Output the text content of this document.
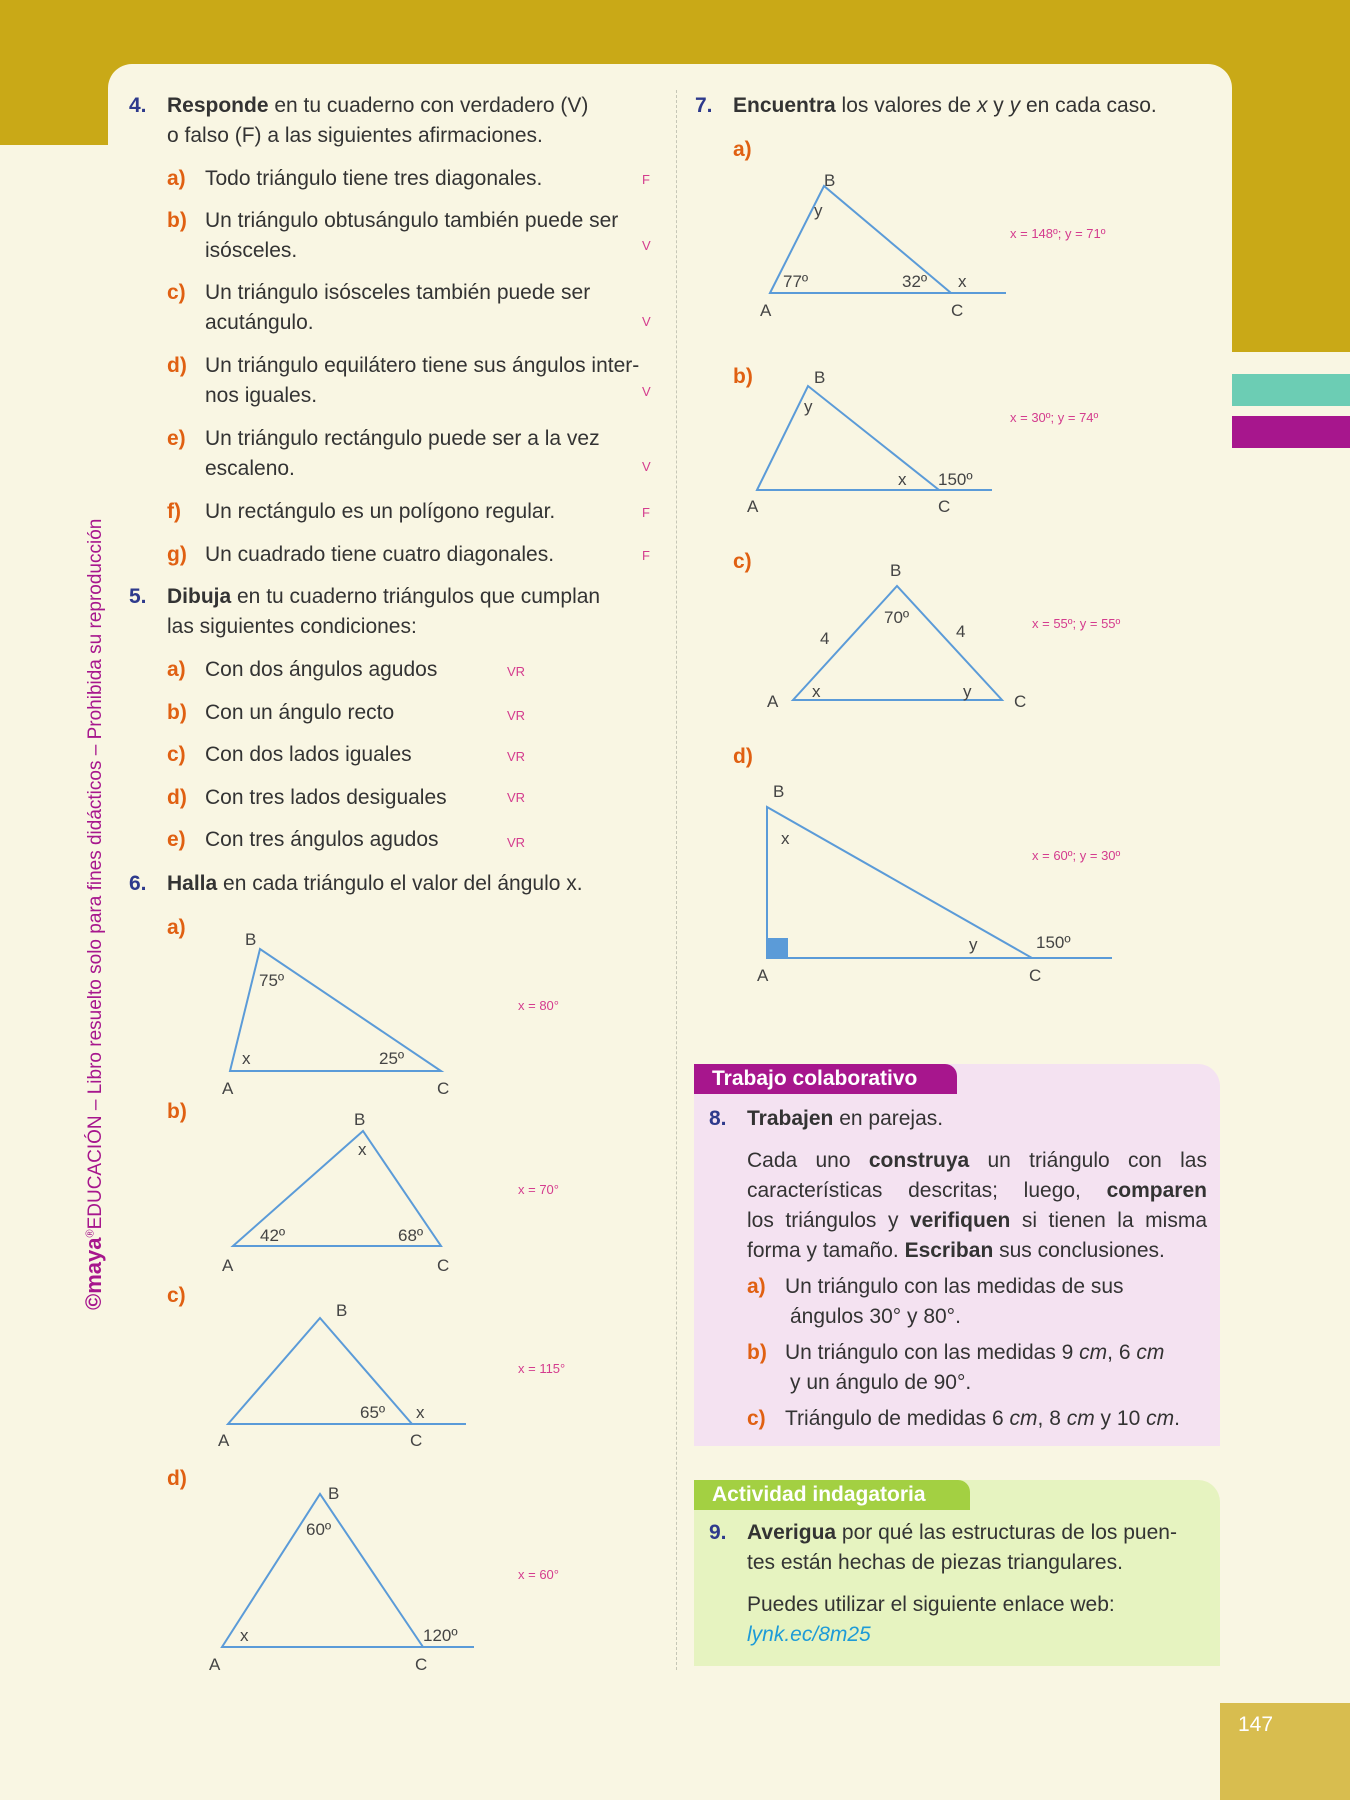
147
©maya®EDUCACIÓN – Libro resuelto solo para fines didácticos – Prohibida su reproducción
4. Responde en tu cuaderno con verdadero (V)
o falso (F) a las siguientes afirmaciones.
a) Todo triángulo tiene tres diagonales.	F
b) Un triángulo obtusángulo también puede ser
isósceles.	V
c) Un triángulo isósceles también puede ser
acutángulo.	V
d) Un triángulo equilátero tiene sus ángulos inter-
nos iguales.	V
e) Un triángulo rectángulo puede ser a la vez
escaleno.	V
f)	Un rectángulo es un polígono regular.	F
g) Un cuadrado tiene cuatro diagonales.	F
5. Dibuja en tu cuaderno triángulos que cumplan
las siguientes condiciones:
a) Con dos ángulos agudos	VR
b) Con un ángulo recto	VR
c) Con dos lados iguales	VR
d) Con tres lados desiguales	VR
e) Con tres ángulos agudos	VR
6. Halla en cada triángulo el valor del ángulo x.
a)
B
A	C
75º
x	25º
x = 80°
b)	B
A	C
x
42º	68º
x = 70°
c)
B
A	C
65º x
x = 115°
d)
B
A	C
60º
x	120º
x = 60°
a)
B
A	C
y
77º	32º x
x = 148º; y = 71º
b)	B
A	C
y
x 150º
x = 30º; y = 74º
c)	B
A	C
70º
x	y
4	4	x = 55º; y = 55º
d)
B
A	C
x
y	150º
x = 60º; y = 30º
7. Encuentra los valores de x y y en cada caso.
Trabajo colaborativo
8. Trabajen en parejas.
Cada uno construya un triángulo con las
características descritas; luego, comparen
los triángulos y verifiquen si tienen la misma
forma y tamaño. Escriban sus conclusiones.
a) Un triángulo con las medidas de sus
ángulos 30° y 80°.
b) Un triángulo con las medidas 9 cm, 6 cm
y un ángulo de 90°.
c) Triángulo de medidas 6 cm, 8 cm y 10 cm.
Actividad indagatoria
9. Averigua por qué las estructuras de los puen-
tes están hechas de piezas triangulares.
Puedes utilizar el siguiente enlace web:
lynk.ec/8m25
